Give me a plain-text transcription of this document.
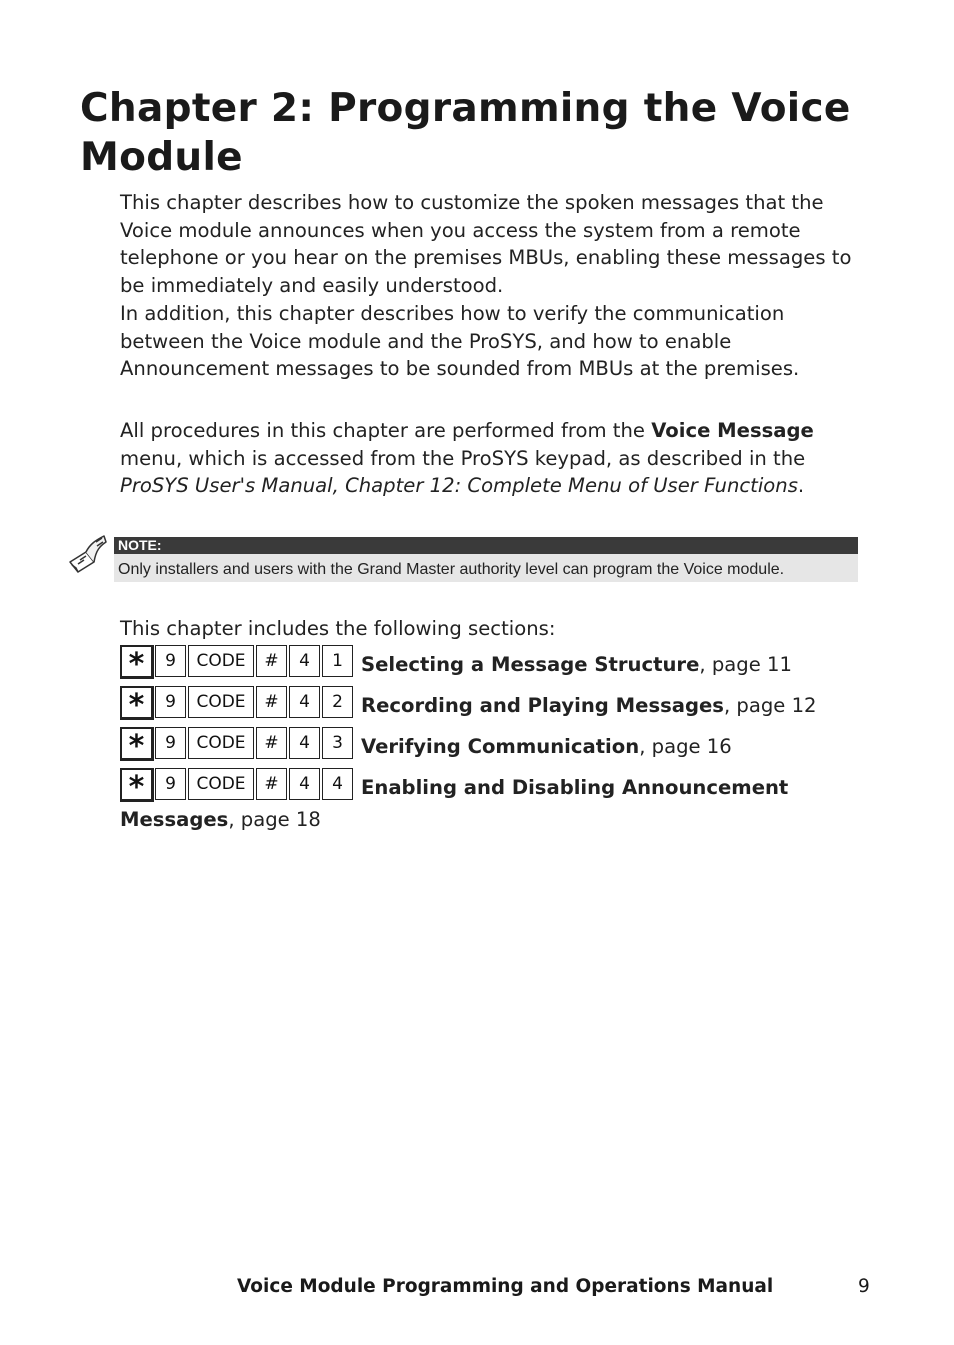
Chapter 2: Programming the Voice Module

This chapter describes how to customize the spoken messages that the Voice module announces when you access the system from a remote telephone or you hear on the premises MBUs, enabling these messages to be immediately and easily understood.

In addition, this chapter describes how to verify the communication between the Voice module and the ProSYS, and how to enable Announcement messages to be sounded from MBUs at the premises.

All procedures in this chapter are performed from the Voice Message menu, which is accessed from the ProSYS keypad, as described in the ProSYS User's Manual, Chapter 12: Complete Menu of User Functions.

NOTE:
Only installers and users with the Grand Master authority level can program the Voice module.

This chapter includes the following sections:

*	9	CODE	#	4	1 Selecting a Message Structure, page 11
*	9	CODE	#	4	2 Recording and Playing Messages, page 12
*	9	CODE	#	4	3 Verifying Communication, page 16
*	9	CODE	#	4	4 Enabling and Disabling Announcement
Messages, page 18
Voice Module Programming and Operations Manual	9
